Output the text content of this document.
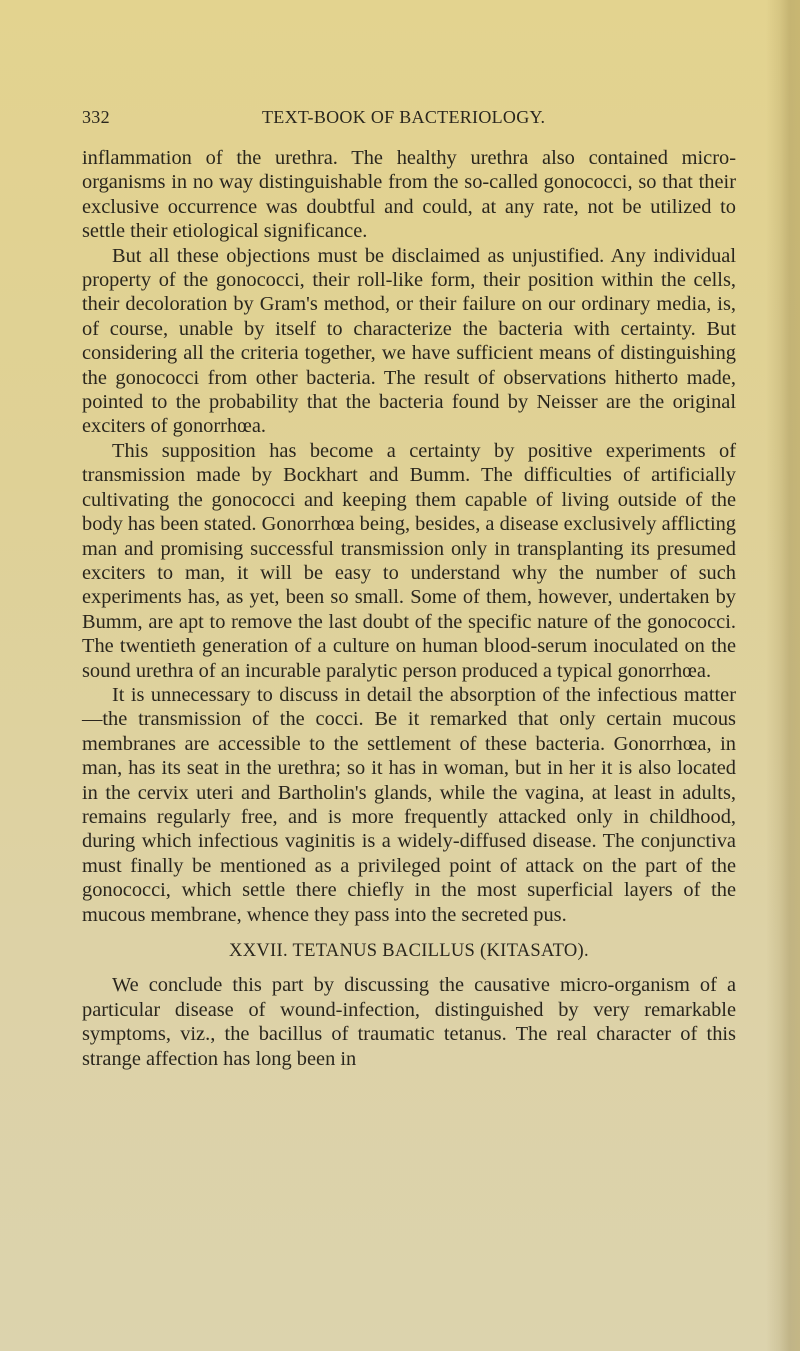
332	TEXT-BOOK OF BACTERIOLOGY.

inflammation of the urethra. The healthy urethra also contained micro-organisms in no way distinguishable from the so-called gonococci, so that their exclusive occurrence was doubtful and could, at any rate, not be utilized to settle their etiological significance.

But all these objections must be disclaimed as unjustified. Any individual property of the gonococci, their roll-like form, their position within the cells, their decoloration by Gram's method, or their failure on our ordinary media, is, of course, unable by itself to characterize the bacteria with certainty. But considering all the criteria together, we have sufficient means of distinguishing the gonococci from other bacteria. The result of observations hitherto made, pointed to the probability that the bacteria found by Neisser are the original exciters of gonorrhœa.

This supposition has become a certainty by positive experiments of transmission made by Bockhart and Bumm. The difficulties of artificially cultivating the gonococci and keeping them capable of living outside of the body has been stated. Gonorrhœa being, besides, a disease exclusively afflicting man and promising successful transmission only in transplanting its presumed exciters to man, it will be easy to understand why the number of such experiments has, as yet, been so small. Some of them, however, undertaken by Bumm, are apt to remove the last doubt of the specific nature of the gonococci. The twentieth generation of a culture on human blood-serum inoculated on the sound urethra of an incurable paralytic person produced a typical gonorrhœa.

It is unnecessary to discuss in detail the absorption of the infectious matter—the transmission of the cocci. Be it remarked that only certain mucous membranes are accessible to the settlement of these bacteria. Gonorrhœa, in man, has its seat in the urethra; so it has in woman, but in her it is also located in the cervix uteri and Bartholin's glands, while the vagina, at least in adults, remains regularly free, and is more frequently attacked only in childhood, during which infectious vaginitis is a widely-diffused disease. The conjunctiva must finally be mentioned as a privileged point of attack on the part of the gonococci, which settle there chiefly in the most superficial layers of the mucous membrane, whence they pass into the secreted pus.

XXVII. TETANUS BACILLUS (KITASATO).

We conclude this part by discussing the causative micro-organism of a particular disease of wound-infection, distinguished by very remarkable symptoms, viz., the bacillus of traumatic tetanus. The real character of this strange affection has long been in
